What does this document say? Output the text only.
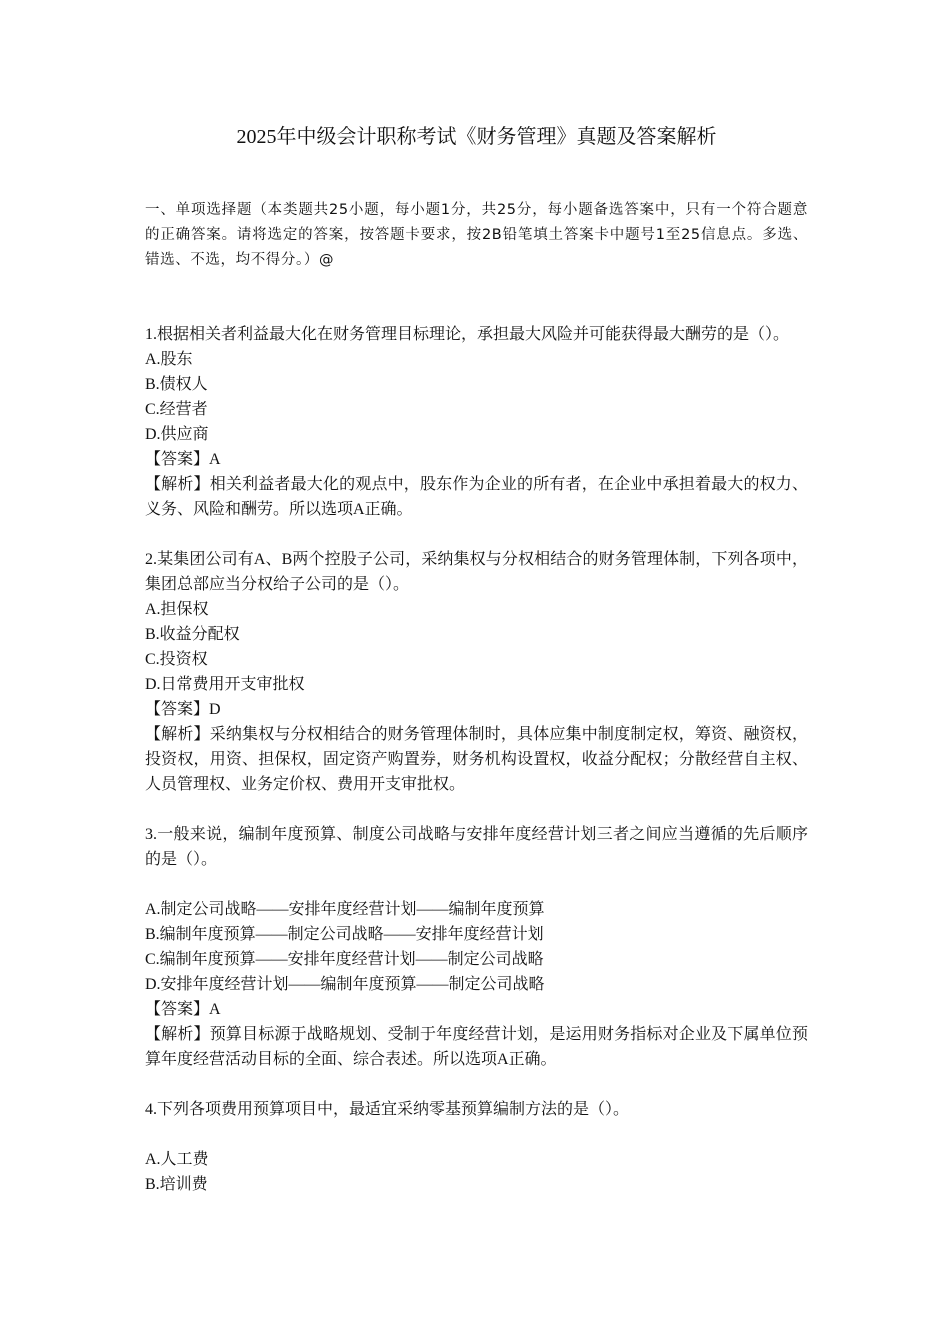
2025年中级会计职称考试《财务管理》真题及答案解析
一、单项选择题（本类题共25小题，每小题1分，共25分，每小题备选答案中，只有一个符合题意的正确答案。请将选定的答案，按答题卡要求，按2B铅笔填土答案卡中题号1至25信息点。多选、错选、不选，均不得分。）@
1.根据相关者利益最大化在财务管理目标理论，承担最大风险并可能获得最大酬劳的是（）。
A.股东
B.债权人
C.经营者
D.供应商
【答案】A
【解析】相关利益者最大化的观点中，股东作为企业的所有者，在企业中承担着最大的权力、义务、风险和酬劳。所以选项A正确。
2.某集团公司有A、B两个控股子公司，采纳集权与分权相结合的财务管理体制，下列各项中，集团总部应当分权给子公司的是（）。
A.担保权
B.收益分配权
C.投资权
D.日常费用开支审批权
【答案】D
【解析】采纳集权与分权相结合的财务管理体制时，具体应集中制度制定权，筹资、融资权，投资权，用资、担保权，固定资产购置券，财务机构设置权，收益分配权；分散经营自主权、人员管理权、业务定价权、费用开支审批权。
3.一般来说，编制年度预算、制度公司战略与安排年度经营计划三者之间应当遵循的先后顺序的是（）。
A.制定公司战略——安排年度经营计划——编制年度预算
B.编制年度预算——制定公司战略——安排年度经营计划
C.编制年度预算——安排年度经营计划——制定公司战略
D.安排年度经营计划——编制年度预算——制定公司战略
【答案】A
【解析】预算目标源于战略规划、受制于年度经营计划，是运用财务指标对企业及下属单位预算年度经营活动目标的全面、综合表述。所以选项A正确。
4.下列各项费用预算项目中，最适宜采纳零基预算编制方法的是（）。
A.人工费
B.培训费
